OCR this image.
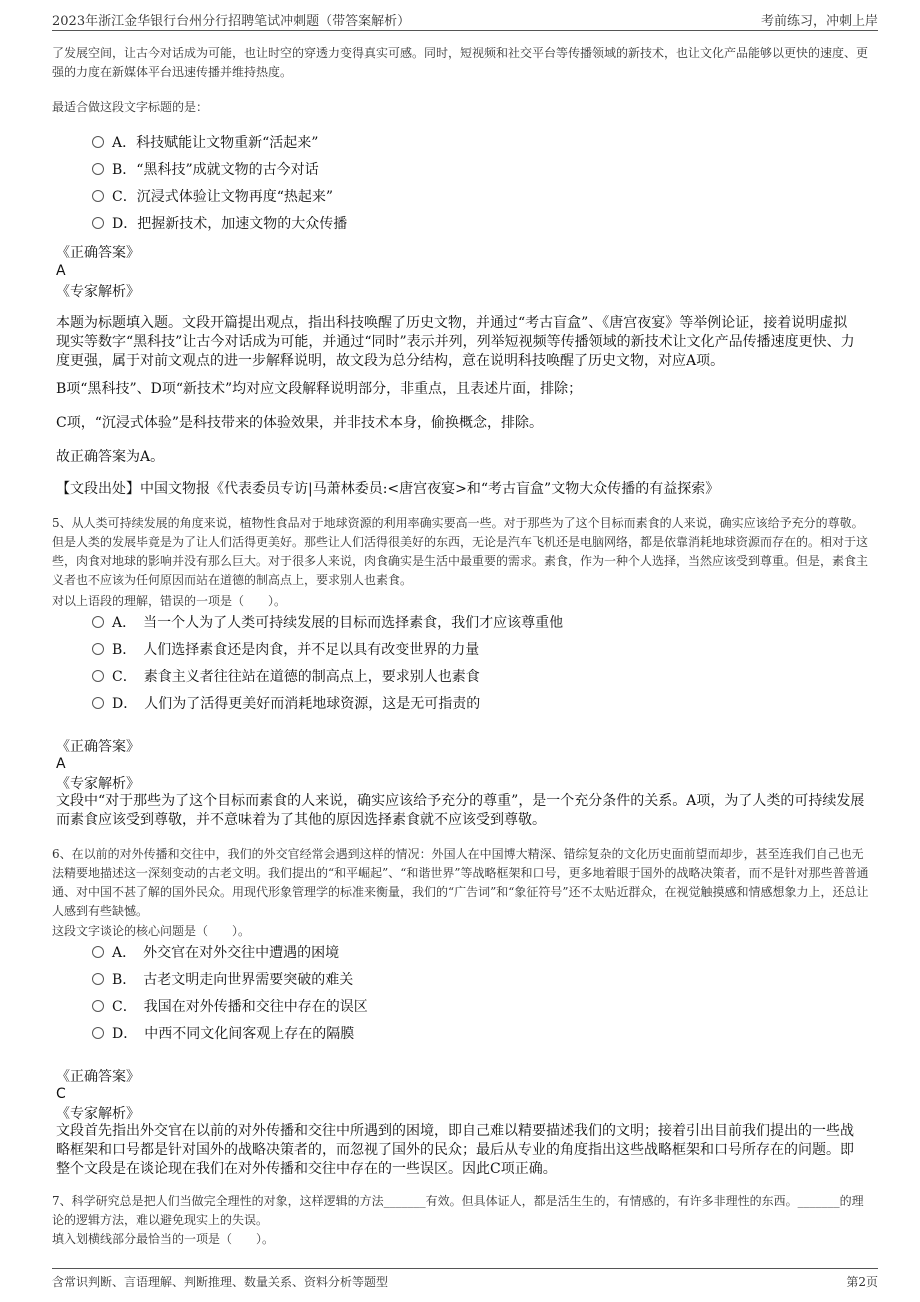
2023年浙江金华银行台州分行招聘笔试冲刺题（带答案解析）	考前练习，冲刺上岸
了发展空间，让古今对话成为可能，也让时空的穿透力变得真实可感。同时，短视频和社交平台等传播领域的新技术，也让文化产品能够以更快的速度、更强的力度在新媒体平台迅速传播并维持热度。
最适合做这段文字标题的是：
A．科技赋能让文物重新“活起来”
B．“黑科技”成就文物的古今对话
C．沉浸式体验让文物再度“热起来”
D．把握新技术，加速文物的大众传播
《正确答案》
A
《专家解析》
本题为标题填入题。文段开篇提出观点，指出科技唤醒了历史文物，并通过“考古盲盒”、《唐宫夜宴》等举例论证，接着说明虚拟现实等数字“黑科技”让古今对话成为可能，并通过“同时”表示并列，列举短视频等传播领域的新技术让文化产品传播速度更快、力度更强，属于对前文观点的进一步解释说明，故文段为总分结构，意在说明科技唤醒了历史文物，对应A项。
B项“黑科技”、D项“新技术”均对应文段解释说明部分，非重点，且表述片面，排除；
C项，“沉浸式体验”是科技带来的体验效果，并非技术本身，偷换概念，排除。
故正确答案为A。
【文段出处】中国文物报《代表委员专访|马萧林委员:<唐宫夜宴>和“考古盲盒”文物大众传播的有益探索》
5、从人类可持续发展的角度来说，植物性食品对于地球资源的利用率确实要高一些。对于那些为了这个目标而素食的人来说，确实应该给予充分的尊敬。但是人类的发展毕竟是为了让人们活得更美好。那些让人们活得很美好的东西，无论是汽车飞机还是电脑网络，都是依靠消耗地球资源而存在的。相对于这些，肉食对地球的影响并没有那么巨大。对于很多人来说，肉食确实是生活中最重要的需求。素食，作为一种个人选择，当然应该受到尊重。但是，素食主义者也不应该为任何原因而站在道德的制高点上，要求别人也素食。
对以上语段的理解，错误的一项是（　　）。
A．　当一个人为了人类可持续发展的目标而选择素食，我们才应该尊重他
B．　人们选择素食还是肉食，并不足以具有改变世界的力量
C．　素食主义者往往站在道德的制高点上，要求别人也素食
D．　人们为了活得更美好而消耗地球资源，这是无可指责的
《正确答案》
A
《专家解析》
文段中“对于那些为了这个目标而素食的人来说，确实应该给予充分的尊重”，是一个充分条件的关系。A项，为了人类的可持续发展而素食应该受到尊敬，并不意味着为了其他的原因选择素食就不应该受到尊敬。
6、在以前的对外传播和交往中，我们的外交官经常会遇到这样的情况：外国人在中国博大精深、错综复杂的文化历史面前望而却步，甚至连我们自己也无法精要地描述这一深刻变动的古老文明。我们提出的“和平崛起”、“和谐世界”等战略框架和口号，更多地着眼于国外的战略决策者，而不是针对那些普普通通、对中国不甚了解的国外民众。用现代形象管理学的标准来衡量，我们的“广告词”和“象征符号”还不太贴近群众，在视觉触摸感和情感想象力上，还总让人感到有些缺憾。
这段文字谈论的核心问题是（　　）。
A．　外交官在对外交往中遭遇的困境
B．　古老文明走向世界需要突破的难关
C．　我国在对外传播和交往中存在的误区
D．　中西不同文化间客观上存在的隔膜
《正确答案》
C
《专家解析》
文段首先指出外交官在以前的对外传播和交往中所遇到的困境，即自己难以精要描述我们的文明；接着引出目前我们提出的一些战略框架和口号都是针对国外的战略决策者的，而忽视了国外的民众；最后从专业的角度指出这些战略框架和口号所存在的问题。即整个文段是在谈论现在我们在对外传播和交往中存在的一些误区。因此C项正确。
7、科学研究总是把人们当做完全理性的对象，这样逻辑的方法_______有效。但具体证人，都是活生生的，有情感的，有许多非理性的东西。_______的理论的逻辑方法，难以避免现实上的失误。
填入划横线部分最恰当的一项是（　　）。
含常识判断、言语理解、判断推理、数量关系、资料分析等题型	第2页
